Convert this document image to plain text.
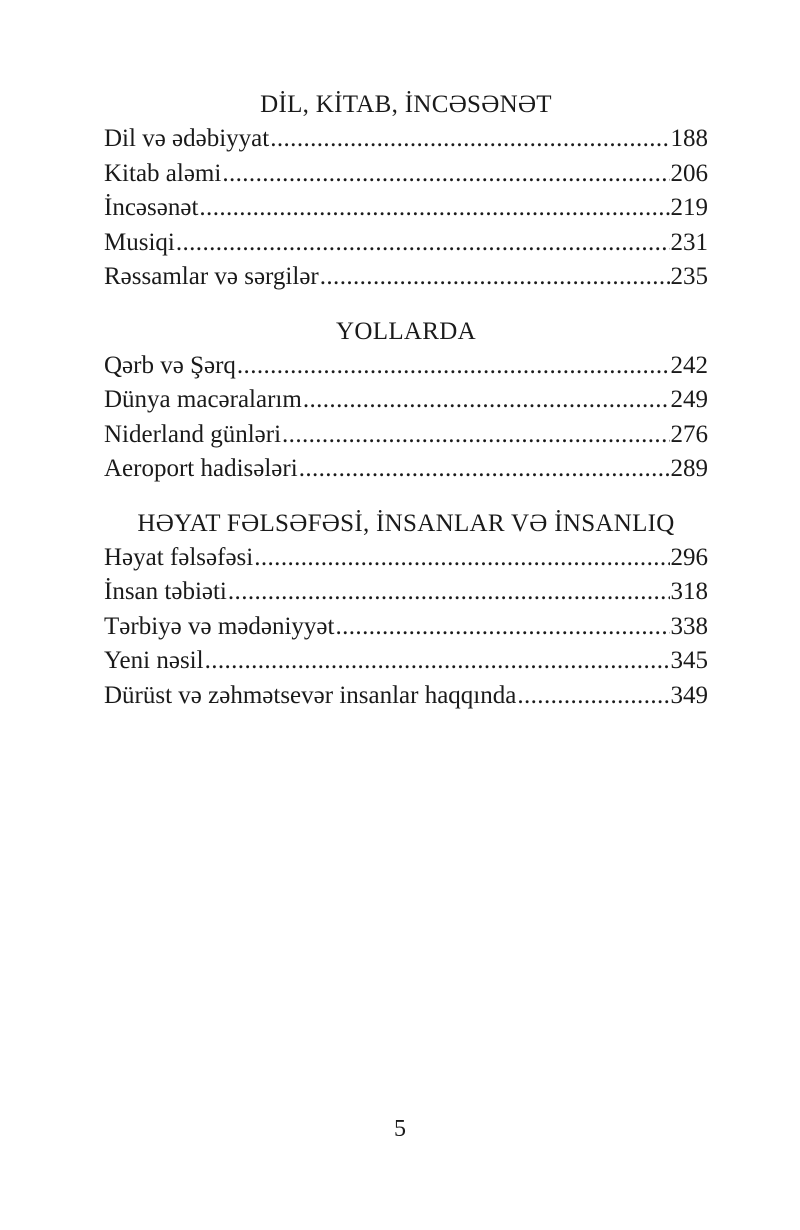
DİL, KİTAB, İNCƏSƏNƏT
Dil və ədəbiyyat .....	188
Kitab aləmi .....	206
İncəsənət .....	219
Musiqi .....	231
Rəssamlar və sərgilər .....	235
YOLLARDA
Qərb və Şərq .....	242
Dünya macəralarım .....	249
Niderland günləri .....	276
Aeroport hadisələri .....	289
HƏYAT FƏLSƏFƏSİ, İNSANLAR VƏ İNSANLIQ
Həyat fəlsəfəsi .....	296
İnsan təbiəti .....	318
Tərbiyə və mədəniyyət .....	338
Yeni nəsil .....	345
Dürüst və zəhmətsevər insanlar haqqında .....	349
5
